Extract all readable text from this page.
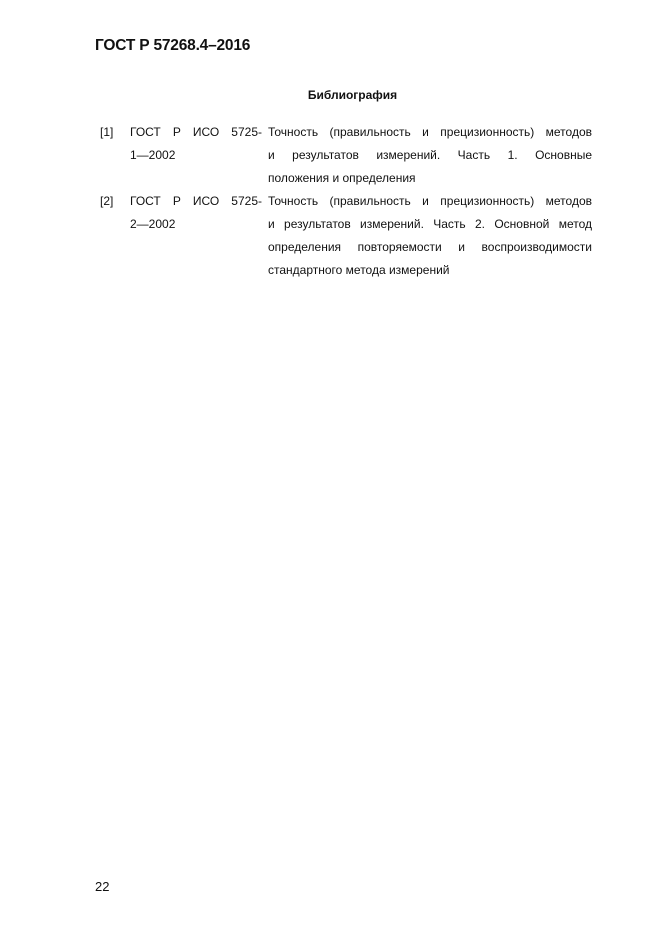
ГОСТ Р 57268.4–2016
Библиография
[1]	ГОСТ Р ИСО 5725-
1—2002
Точность (правильность и прецизионность) методов
и результатов измерений. Часть 1. Основные
положения и определения
[2]	ГОСТ Р ИСО 5725-
2—2002
Точность (правильность и прецизионность) методов
и результатов измерений. Часть 2. Основной метод
определения повторяемости и воспроизводимости
стандартного метода измерений
22
